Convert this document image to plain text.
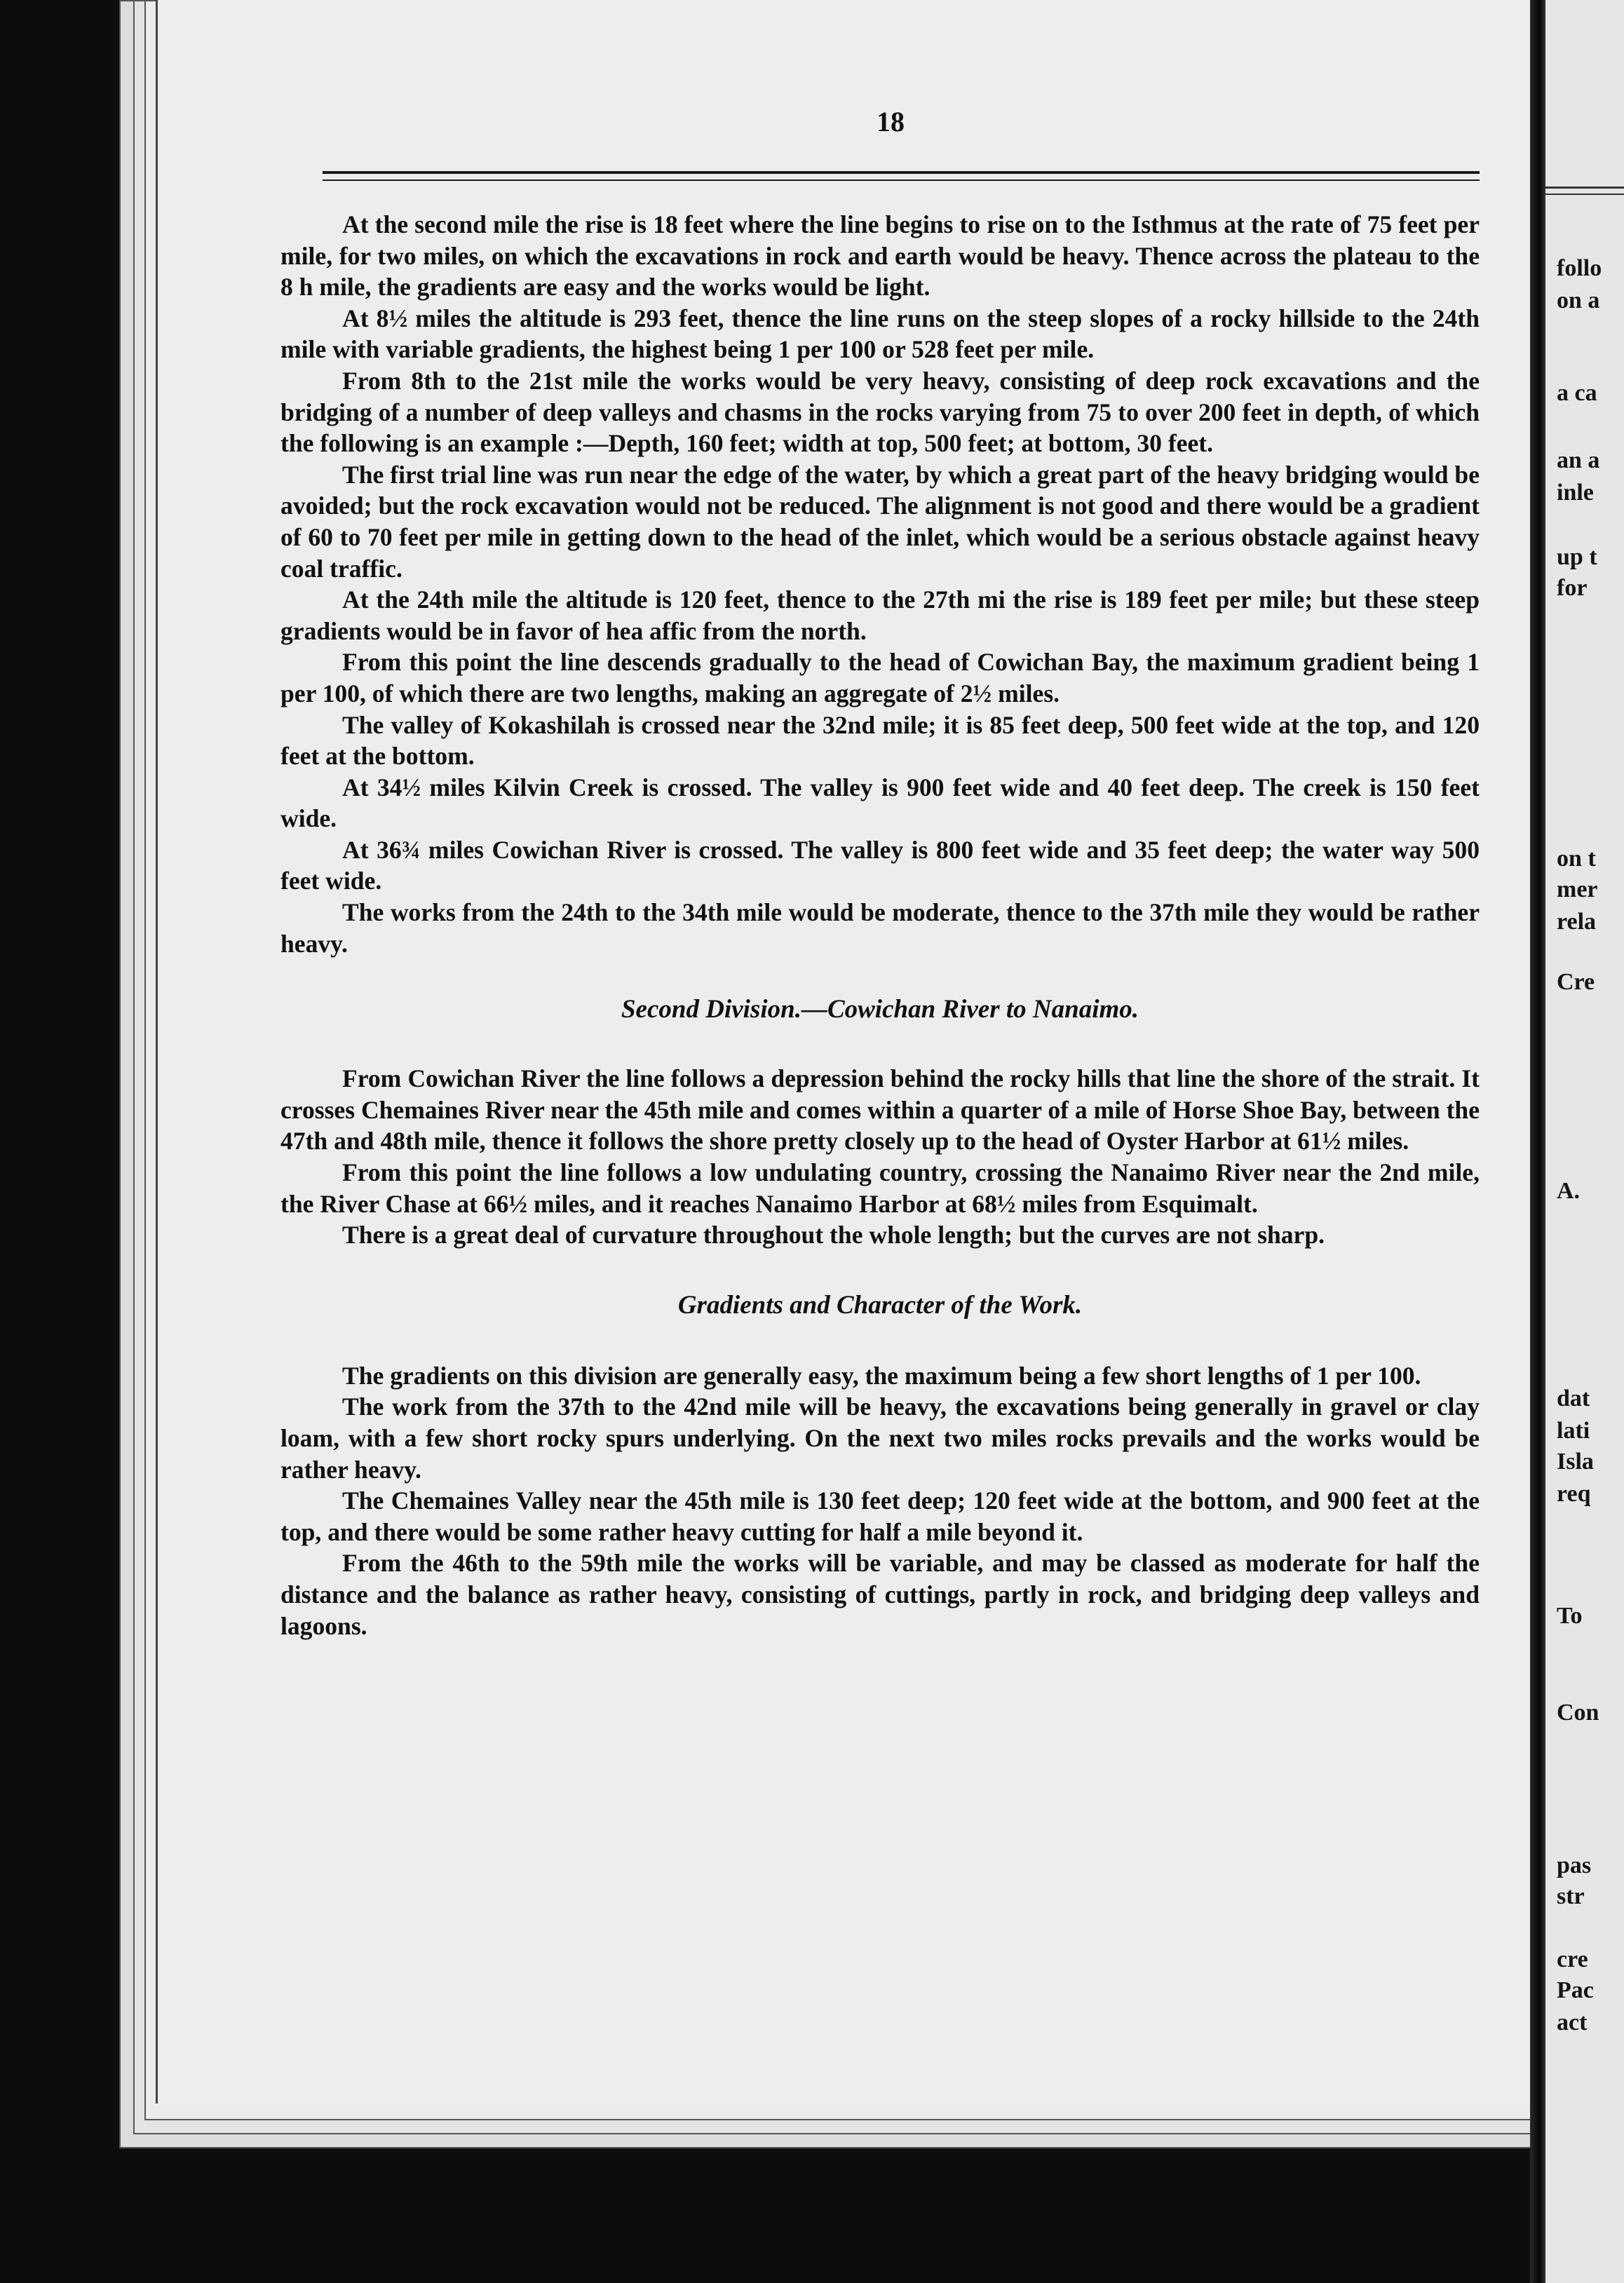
18

At the second mile the rise is 18 feet where the line begins to rise on to the Isthmus at the rate of 75 feet per mile, for two miles, on which the excavations in rock and earth would be heavy. Thence across the plateau to the 8 h mile, the gradients are easy and the works would be light.

At 8½ miles the altitude is 293 feet, thence the line runs on the steep slopes of a rocky hillside to the 24th mile with variable gradients, the highest being 1 per 100 or 528 feet per mile.

From 8th to the 21st mile the works would be very heavy, consisting of deep rock excavations and the bridging of a number of deep valleys and chasms in the rocks varying from 75 to over 200 feet in depth, of which the following is an example :—Depth, 160 feet; width at top, 500 feet; at bottom, 30 feet.

The first trial line was run near the edge of the water, by which a great part of the heavy bridging would be avoided; but the rock excavation would not be reduced. The alignment is not good and there would be a gradient of 60 to 70 feet per mile in getting down to the head of the inlet, which would be a serious obstacle against heavy coal traffic.

At the 24th mile the altitude is 120 feet, thence to the 27th mi the rise is 189 feet per mile; but these steep gradients would be in favor of hea affic from the north.

From this point the line descends gradually to the head of Cowichan Bay, the maximum gradient being 1 per 100, of which there are two lengths, making an aggregate of 2½ miles.

The valley of Kokashilah is crossed near the 32nd mile; it is 85 feet deep, 500 feet wide at the top, and 120 feet at the bottom.

At 34½ miles Kilvin Creek is crossed. The valley is 900 feet wide and 40 feet deep. The creek is 150 feet wide.

At 36¾ miles Cowichan River is crossed. The valley is 800 feet wide and 35 feet deep; the water way 500 feet wide.

The works from the 24th to the 34th mile would be moderate, thence to the 37th mile they would be rather heavy.

Second Division.—Cowichan River to Nanaimo.

From Cowichan River the line follows a depression behind the rocky hills that line the shore of the strait. It crosses Chemaines River near the 45th mile and comes within a quarter of a mile of Horse Shoe Bay, between the 47th and 48th mile, thence it follows the shore pretty closely up to the head of Oyster Harbor at 61½ miles.

From this point the line follows a low undulating country, crossing the Nanaimo River near the 2nd mile, the River Chase at 66½ miles, and it reaches Nanaimo Harbor at 68½ miles from Esquimalt.

There is a great deal of curvature throughout the whole length; but the curves are not sharp.

Gradients and Character of the Work.

The gradients on this division are generally easy, the maximum being a few short lengths of 1 per 100.

The work from the 37th to the 42nd mile will be heavy, the excavations being generally in gravel or clay loam, with a few short rocky spurs underlying. On the next two miles rocks prevails and the works would be rather heavy.

The Chemaines Valley near the 45th mile is 130 feet deep; 120 feet wide at the bottom, and 900 feet at the top, and there would be some rather heavy cutting for half a mile beyond it.

From the 46th to the 59th mile the works will be variable, and may be classed as moderate for half the distance and the balance as rather heavy, consisting of cuttings, partly in rock, and bridging deep valleys and lagoons.

follo
on a
a ca
an a
inle
up t
for
on t
mer
rela
Cre
A.
dat
lati
Isla
req
To
Con
pas
str
cre
Pac
act
